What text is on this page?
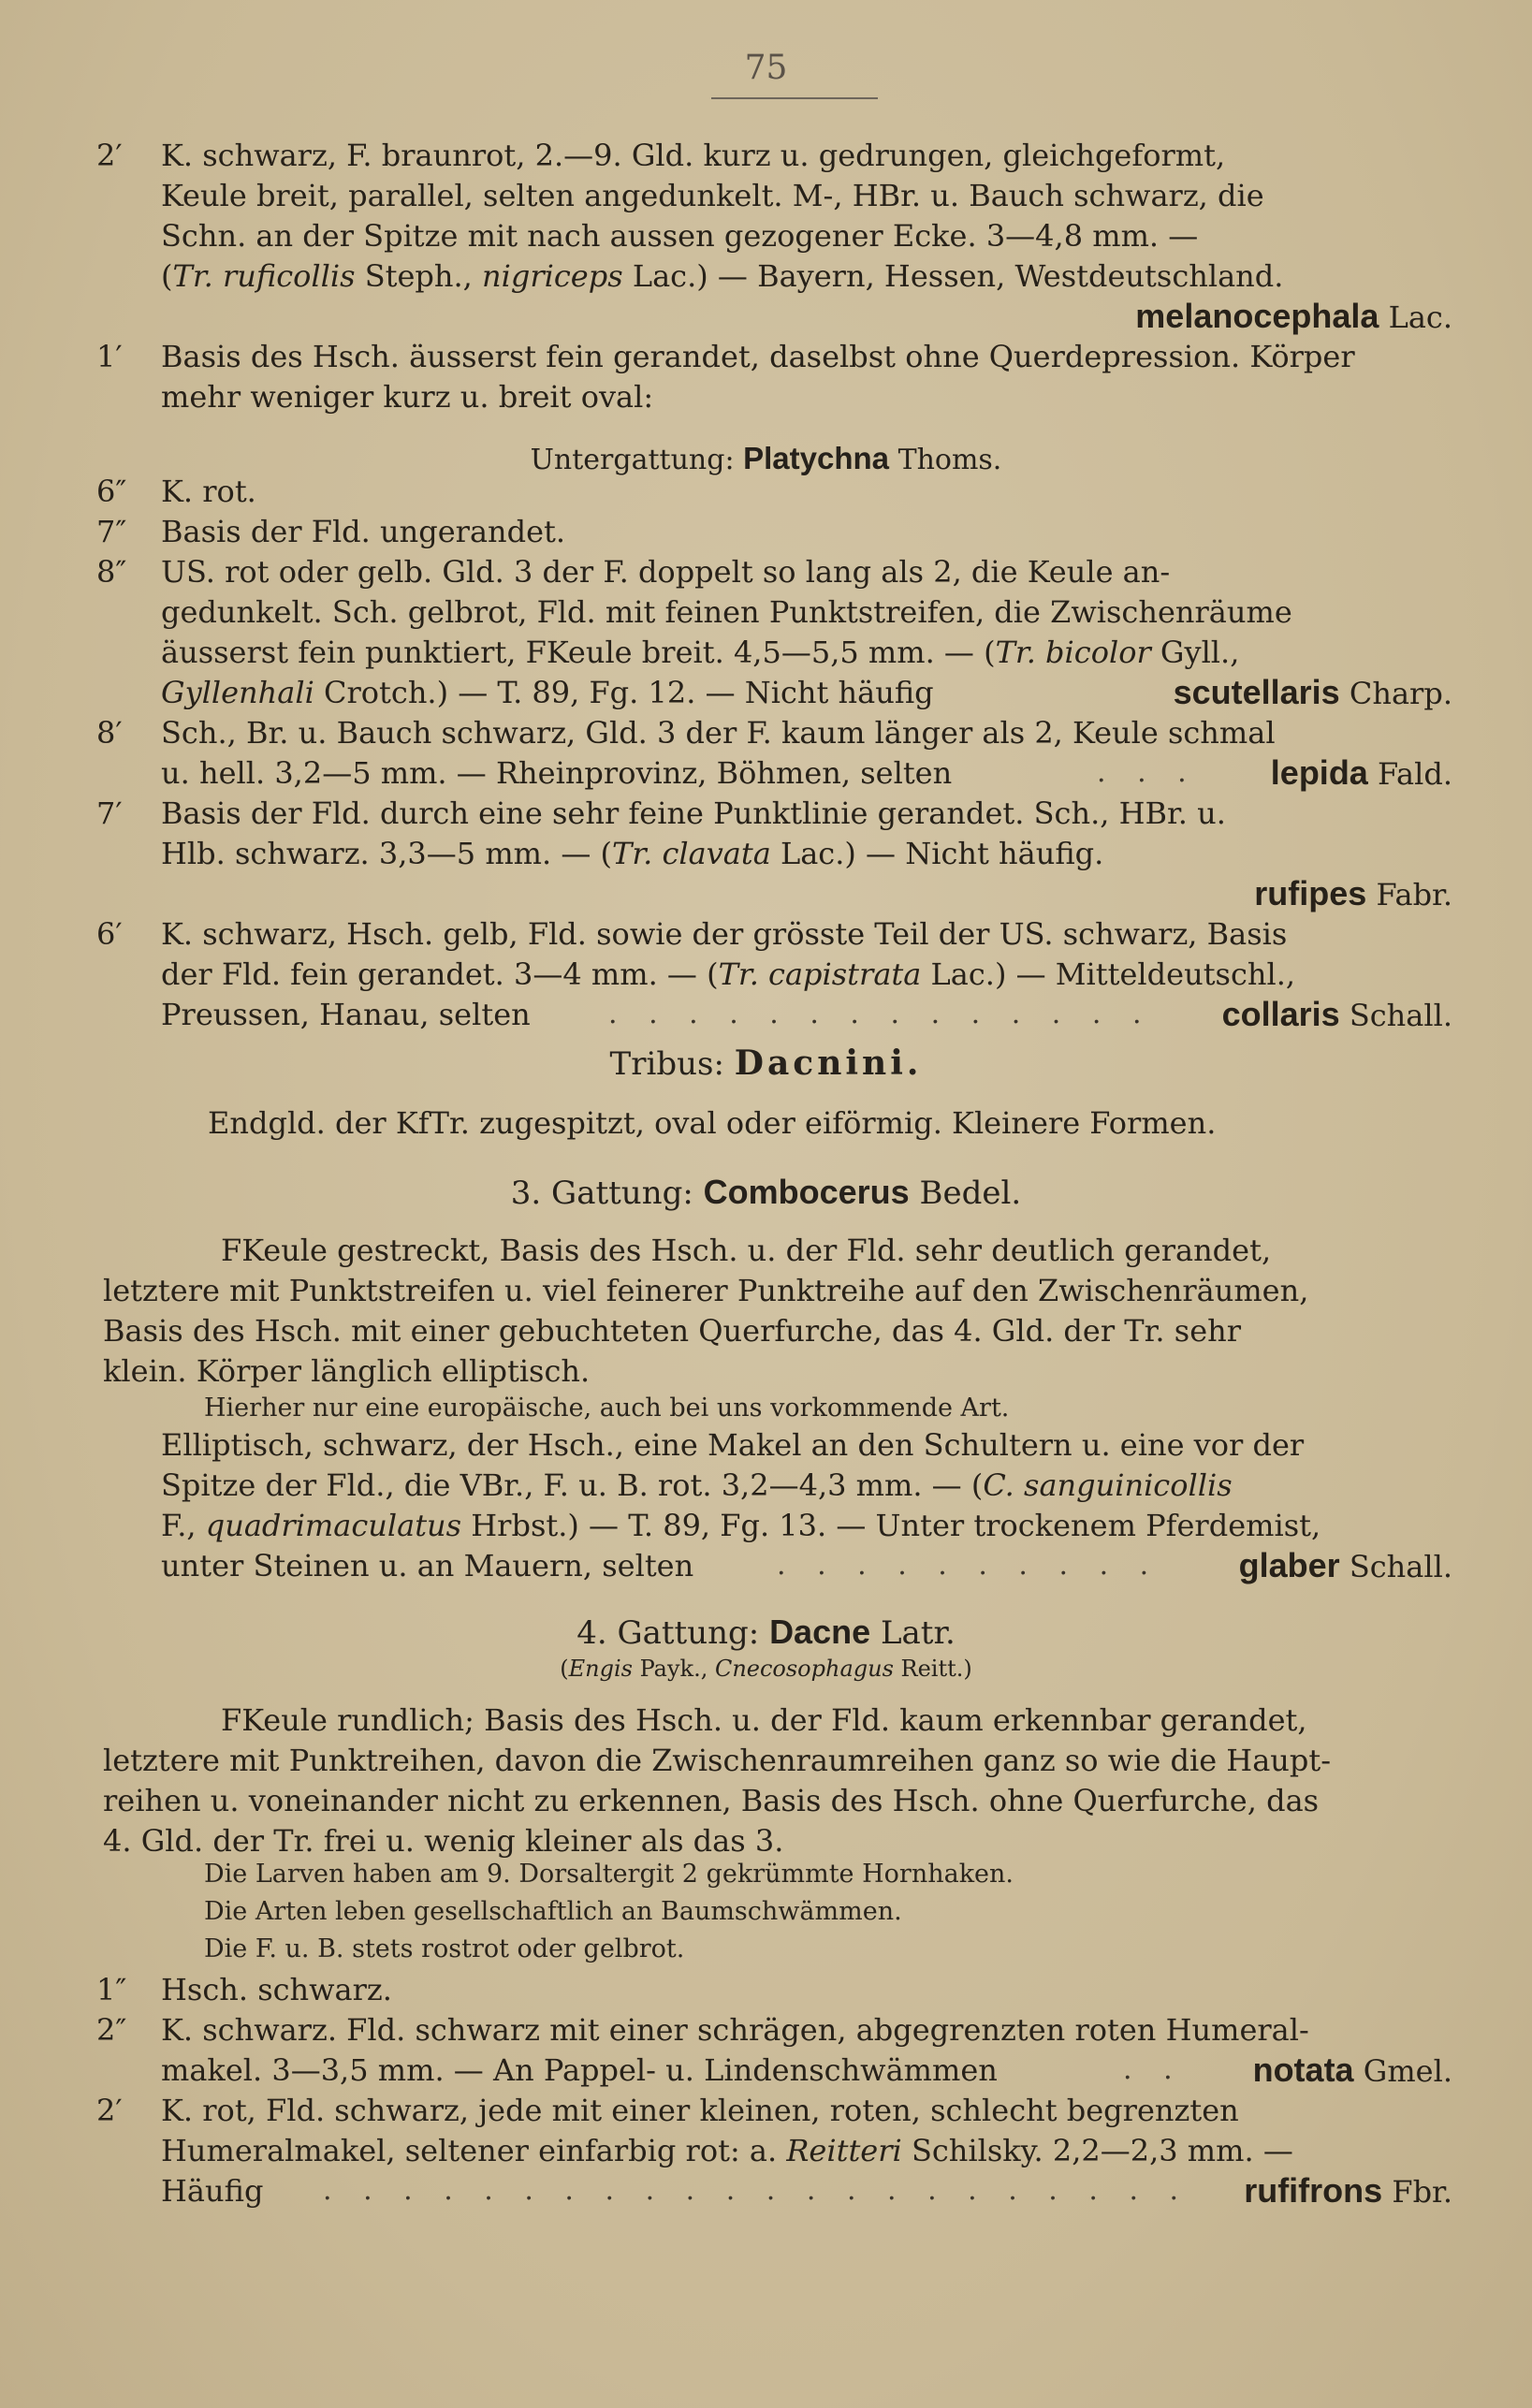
75
2′	K. schwarz, F. braunrot, 2.—9. Gld. kurz u. gedrungen, gleichgeformt,
Keule breit, parallel, selten angedunkelt. M-, HBr. u. Bauch schwarz, die
Schn. an der Spitze mit nach aussen gezogener Ecke. 3—4,8 mm. —
(Tr. ruficollis Steph., nigriceps Lac.) — Bayern, Hessen, Westdeutschland.
melanocephala Lac.
1′	Basis des Hsch. äusserst fein gerandet, daselbst ohne Querdepression. Körper
mehr weniger kurz u. breit oval:
Untergattung: Platychna Thoms.
6″	K. rot.
7″	Basis der Fld. ungerandet.
8″	US. rot oder gelb. Gld. 3 der F. doppelt so lang als 2, die Keule an-
gedunkelt. Sch. gelbrot, Fld. mit feinen Punktstreifen, die Zwischenräume
äusserst fein punktiert, FKeule breit. 4,5—5,5 mm. — (Tr. bicolor Gyll.,
Gyllenhali Crotch.) — T. 89, Fg. 12. — Nicht häufig	scutellaris Charp.
8′	Sch., Br. u. Bauch schwarz, Gld. 3 der F. kaum länger als 2, Keule schmal
u. hell. 3,2—5 mm. — Rheinprovinz, Böhmen, selten	. . . lepida Fald.
7′	Basis der Fld. durch eine sehr feine Punktlinie gerandet. Sch., HBr. u.
Hlb. schwarz. 3,3—5 mm. — (Tr. clavata Lac.) — Nicht häufig.
rufipes Fabr.
6′	K. schwarz, Hsch. gelb, Fld. sowie der grösste Teil der US. schwarz, Basis
der Fld. fein gerandet. 3—4 mm. — (Tr. capistrata Lac.) — Mitteldeutschl.,
Preussen, Hanau, selten	. . . . . . . . . . . . . . collaris Schall.
Tribus: Dacnini.
Endgld. der KfTr. zugespitzt, oval oder eiförmig. Kleinere Formen.
3. Gattung: Combocerus Bedel.
FKeule gestreckt, Basis des Hsch. u. der Fld. sehr deutlich gerandet,
letztere mit Punktstreifen u. viel feinerer Punktreihe auf den Zwischenräumen,
Basis des Hsch. mit einer gebuchteten Querfurche, das 4. Gld. der Tr. sehr
klein. Körper länglich elliptisch.
Hierher nur eine europäische, auch bei uns vorkommende Art.
Elliptisch, schwarz, der Hsch., eine Makel an den Schultern u. eine vor der
Spitze der Fld., die VBr., F. u. B. rot. 3,2—4,3 mm. — (C. sanguinicollis
F., quadrimaculatus Hrbst.) — T. 89, Fg. 13. — Unter trockenem Pferdemist,
unter Steinen u. an Mauern, selten	. . . . . . . . . . glaber Schall.
4. Gattung: Dacne Latr.
(Engis Payk., Cnecosophagus Reitt.)
FKeule rundlich; Basis des Hsch. u. der Fld. kaum erkennbar gerandet,
letztere mit Punktreihen, davon die Zwischenraumreihen ganz so wie die Haupt-
reihen u. voneinander nicht zu erkennen, Basis des Hsch. ohne Querfurche, das
4. Gld. der Tr. frei u. wenig kleiner als das 3.
Die Larven haben am 9. Dorsaltergit 2 gekrümmte Hornhaken.
Die Arten leben gesellschaftlich an Baumschwämmen.
Die F. u. B. stets rostrot oder gelbrot.
1″	Hsch. schwarz.
2″	K. schwarz. Fld. schwarz mit einer schrägen, abgegrenzten roten Humeral-
makel. 3—3,5 mm. — An Pappel- u. Lindenschwämmen	. . notata Gmel.
2′	K. rot, Fld. schwarz, jede mit einer kleinen, roten, schlecht begrenzten
Humeralmakel, seltener einfarbig rot: a. Reitteri Schilsky. 2,2—2,3 mm. —
Häufig . . . . . . . . . . . . . . . . . . . . . . rufifrons Fbr.
